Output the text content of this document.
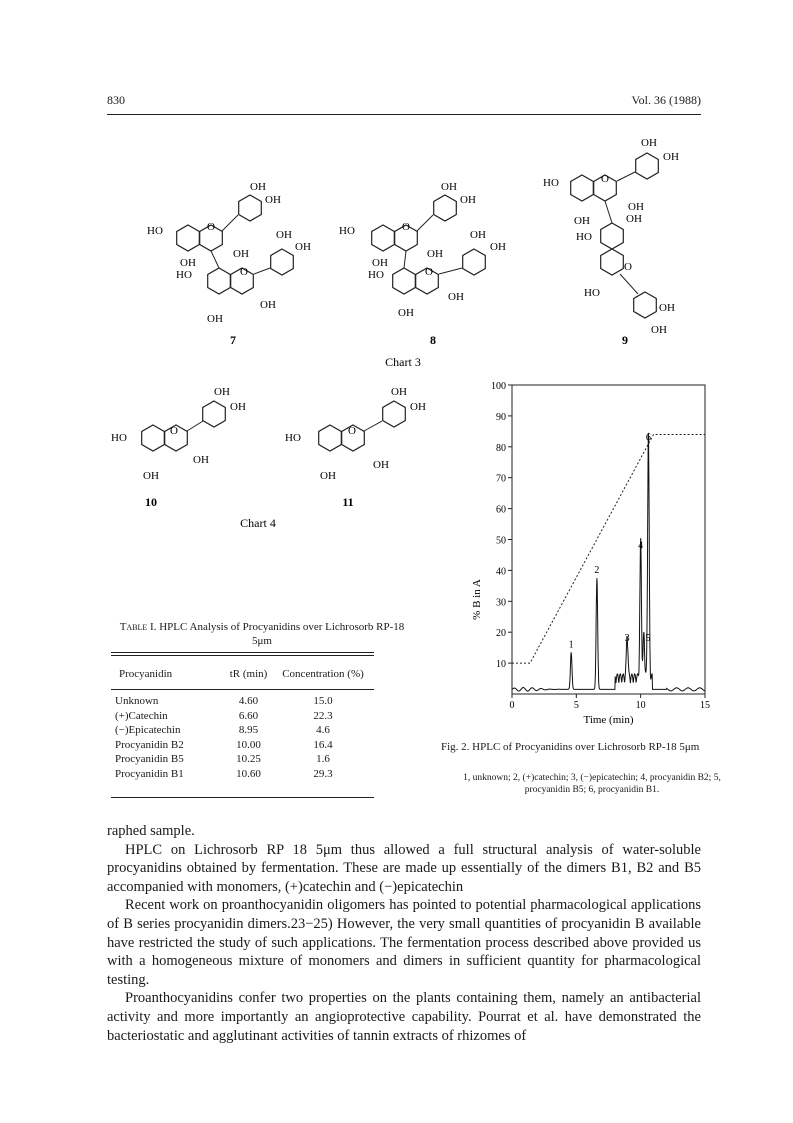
830	Vol. 36 (1988)
OH
OH
HO	O
OH
OH
OH
OH
HO	O
OH
OH
7
OH
OH
HO	O
OH
OH
OH
OH
HO	O
OH
OH
8
OH
OH
HO	O
OH
OH
OH
HO
O
HO
OH
OH
9
Chart 3
OH
OH
HO
O
OH
OH
10
OH
OH
HO
O
OH
OH
11
Chart 4
Table I. HPLC Analysis of Procyanidins over Lichrosorb RP-18 5μm
Procyanidin	tR (min)	Concentration (%)

Unknown	4.60	15.0
(+)Catechin	6.60	22.3
(−)Epicatechin	8.95	4.6
Procyanidin B2	10.00	16.4
Procyanidin B5	10.25	1.6
Procyanidin B1	10.60	29.3
10
20
30
40
50
60
70
80
90
100
0	5	10	15
1
2
3
4
5
6
% B in A
Time (min)
Fig. 2. HPLC of Procyanidins over Lichrosorb RP-18 5μm
1, unknown; 2, (+)catechin; 3, (−)epicatechin; 4, procyanidin B2; 5, procyanidin B5; 6, procyanidin B1.

raphed sample.

HPLC on Lichrosorb RP 18 5μm thus allowed a full structural analysis of water-soluble procyanidins obtained by fermentation. These are made up essentially of the dimers B1, B2 and B5 accompanied with monomers, (+)catechin and (−)epicatechin

Recent work on proanthocyanidin oligomers has pointed to potential pharmacological applications of B series procyanidin dimers.23−25) However, the very small quantities of procyanidin B available have restricted the study of such applications. The fermentation process described above provided us with a homogeneous mixture of monomers and dimers in sufficient quantity for pharmacological testing.

Proanthocyanidins confer two properties on the plants containing them, namely an antibacterial activity and more importantly an angioprotective capability. Pourrat et al. have demonstrated the bacteriostatic and agglutinant activities of tannin extracts of rhizomes of
